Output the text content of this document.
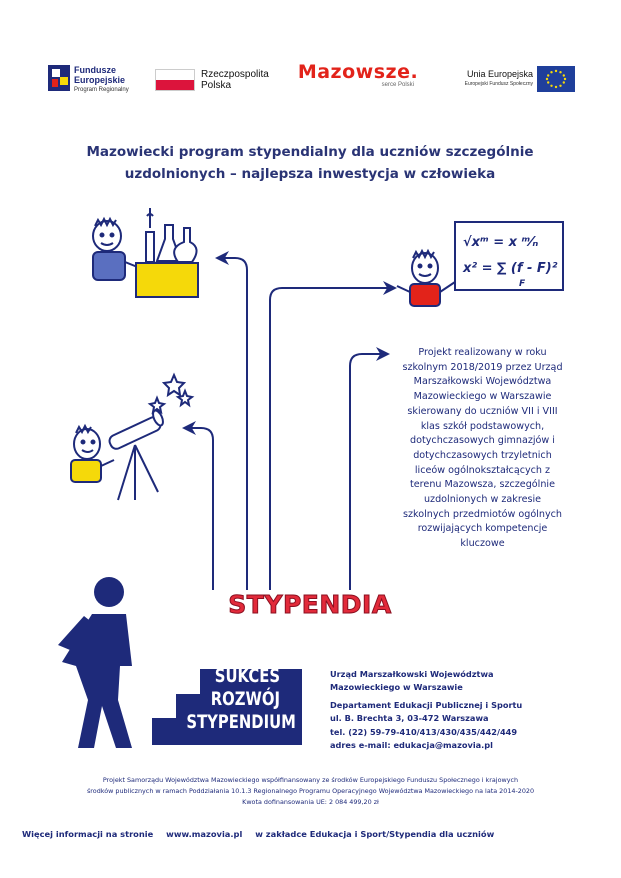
Fundusze
Europejskie
Program Regionalny
Rzeczpospolita
Polska
Mazowsze.
serce Polski
Unia Europejska
Europejski Fundusz Społeczny
Mazowiecki program stypendialny dla uczniów szczególnie
uzdolnionych – najlepsza inwestycja w człowieka
√xᵐ = x ᵐ⁄ₙ
x² = ∑ (f - F)²
F
SUKCES
ROZWÓJ
STYPENDIUM
Projekt realizowany w roku
szkolnym 2018/2019 przez Urząd
Marszałkowski Województwa
Mazowieckiego w Warszawie
skierowany do uczniów VII i VIII
klas szkół podstawowych,
dotychczasowych gimnazjów i
dotychczasowych trzyletnich
liceów ogólnokształcących z
terenu Mazowsza, szczególnie
uzdolnionych w zakresie
szkolnych przedmiotów ogólnych
rozwijających kompetencje
kluczowe
STYPENDIA
Urząd Marszałkowski Województwa
Mazowieckiego w Warszawie
Departament Edukacji Publicznej i Sportu
ul. B. Brechta 3, 03-472 Warszawa
tel. (22) 59-79-410/413/430/435/442/449
adres e-mail: edukacja@mazovia.pl
Projekt Samorządu Województwa Mazowieckiego współfinansowany ze środków Europejskiego Funduszu Społecznego i krajowych
środków publicznych w ramach Poddziałania 10.1.3 Regionalnego Programu Operacyjnego Województwa Mazowieckiego na lata 2014-2020
Kwota dofinansowania UE: 2 084 499,20 zł
Więcej informacji na stronie www.mazovia.pl w zakładce Edukacja i Sport/Stypendia dla uczniów
